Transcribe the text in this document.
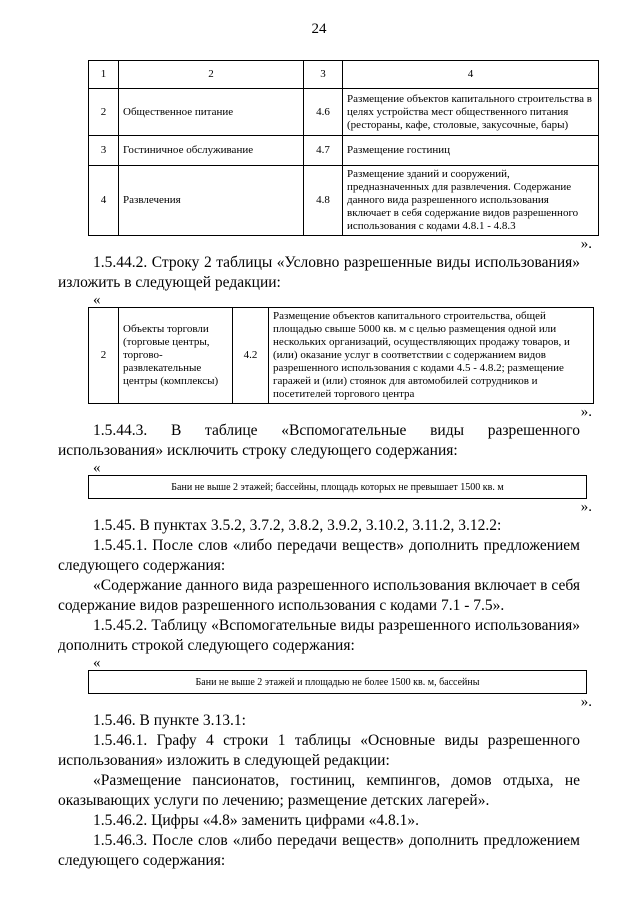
24
1	2	3	4
2	Общественное питание	4.6	Размещение объектов капитального строительства в целях устройства мест общественного питания (рестораны, кафе, столовые, закусочные, бары)
3	Гостиничное обслуживание	4.7	Размещение гостиниц
4	Развлечения	4.8	Размещение зданий и сооружений, предназначенных для развлечения. Содержание данного вида разрешенного использования включает в себя содержание видов разрешенного использования с кодами 4.8.1 - 4.8.3
».

1.5.44.2. Строку 2 таблицы «Условно разрешенные виды использования» изложить в следующей редакции:

«
2	Объекты торговли (торговые центры, торгово-развлекательные центры (комплексы)	4.2	Размещение объектов капитального строительства, общей площадью свыше 5000 кв. м с целью размещения одной или нескольких организаций, осуществляющих продажу товаров, и (или) оказание услуг в соответствии с содержанием видов разрешенного использования с кодами 4.5 - 4.8.2; размещение гаражей и (или) стоянок для автомобилей сотрудников и посетителей торгового центра
».

1.5.44.3. В таблице «Вспомогательные виды разрешенного использования» исключить строку следующего содержания:

«
Бани не выше 2 этажей; бассейны, площадь которых не превышает 1500 кв. м
».

1.5.45. В пунктах 3.5.2, 3.7.2, 3.8.2, 3.9.2, 3.10.2, 3.11.2, 3.12.2:

1.5.45.1. После слов «либо передачи веществ» дополнить предложением следующего содержания:

«Содержание данного вида разрешенного использования включает в себя содержание видов разрешенного использования с кодами 7.1 - 7.5».

1.5.45.2. Таблицу «Вспомогательные виды разрешенного использования» дополнить строкой следующего содержания:

«
Бани не выше 2 этажей и площадью не более 1500 кв. м, бассейны
».

1.5.46. В пункте 3.13.1:

1.5.46.1. Графу 4 строки 1 таблицы «Основные виды разрешенного использования» изложить в следующей редакции:

«Размещение пансионатов, гостиниц, кемпингов, домов отдыха, не оказывающих услуги по лечению; размещение детских лагерей».

1.5.46.2. Цифры «4.8» заменить цифрами «4.8.1».

1.5.46.3. После слов «либо передачи веществ» дополнить предложением следующего содержания:
